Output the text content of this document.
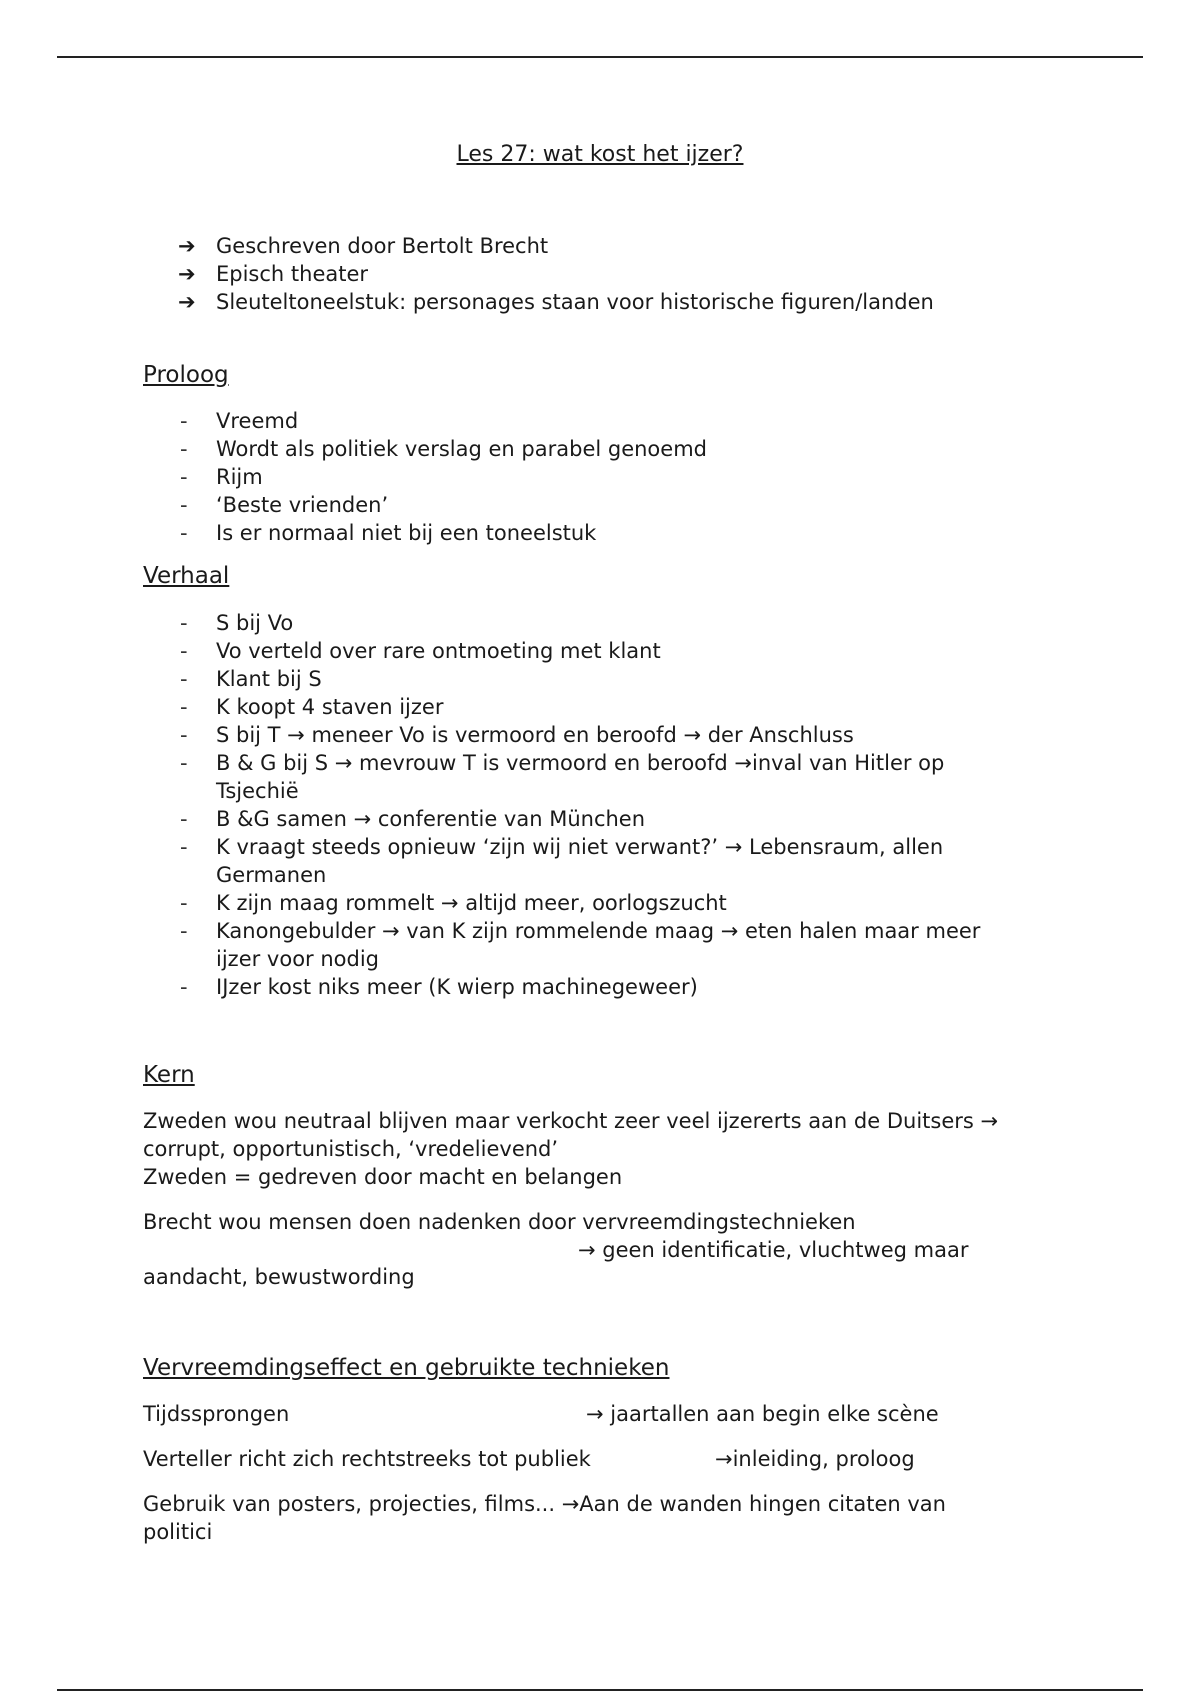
Les 27: wat kost het ijzer?
➔ Geschreven door Bertolt Brecht
➔ Episch theater
➔ Sleuteltoneelstuk: personages staan voor historische figuren/landen
Proloog
-	Vreemd
-	Wordt als politiek verslag en parabel genoemd
-	Rijm
-	‘Beste vrienden’
-	Is er normaal niet bij een toneelstuk
Verhaal
-	S bij Vo
-	Vo verteld over rare ontmoeting met klant
-	Klant bij S
-	K koopt 4 staven ijzer
-	S bij T → meneer Vo is vermoord en beroofd → der Anschluss
-	B & G bij S → mevrouw T is vermoord en beroofd →inval van Hitler op
Tsjechië
-	B &G samen → conferentie van München
-	K vraagt steeds opnieuw ‘zijn wij niet verwant?’ → Lebensraum, allen
Germanen
-	K zijn maag rommelt → altijd meer, oorlogszucht
-	Kanongebulder → van K zijn rommelende maag → eten halen maar meer
ijzer voor nodig
-	IJzer kost niks meer (K wierp machinegeweer)
Kern
Zweden wou neutraal blijven maar verkocht zeer veel ijzererts aan de Duitsers →
corrupt, opportunistisch, ‘vredelievend’
Zweden = gedreven door macht en belangen
Brecht wou mensen doen nadenken door vervreemdingstechnieken
→ geen identificatie, vluchtweg maar
aandacht, bewustwording
Vervreemdingseffect en gebruikte technieken
Tijdssprongen	→ jaartallen aan begin elke scène
Verteller richt zich rechtstreeks tot publiek	→inleiding, proloog
Gebruik van posters, projecties, films... →Aan de wanden hingen citaten van
politici
